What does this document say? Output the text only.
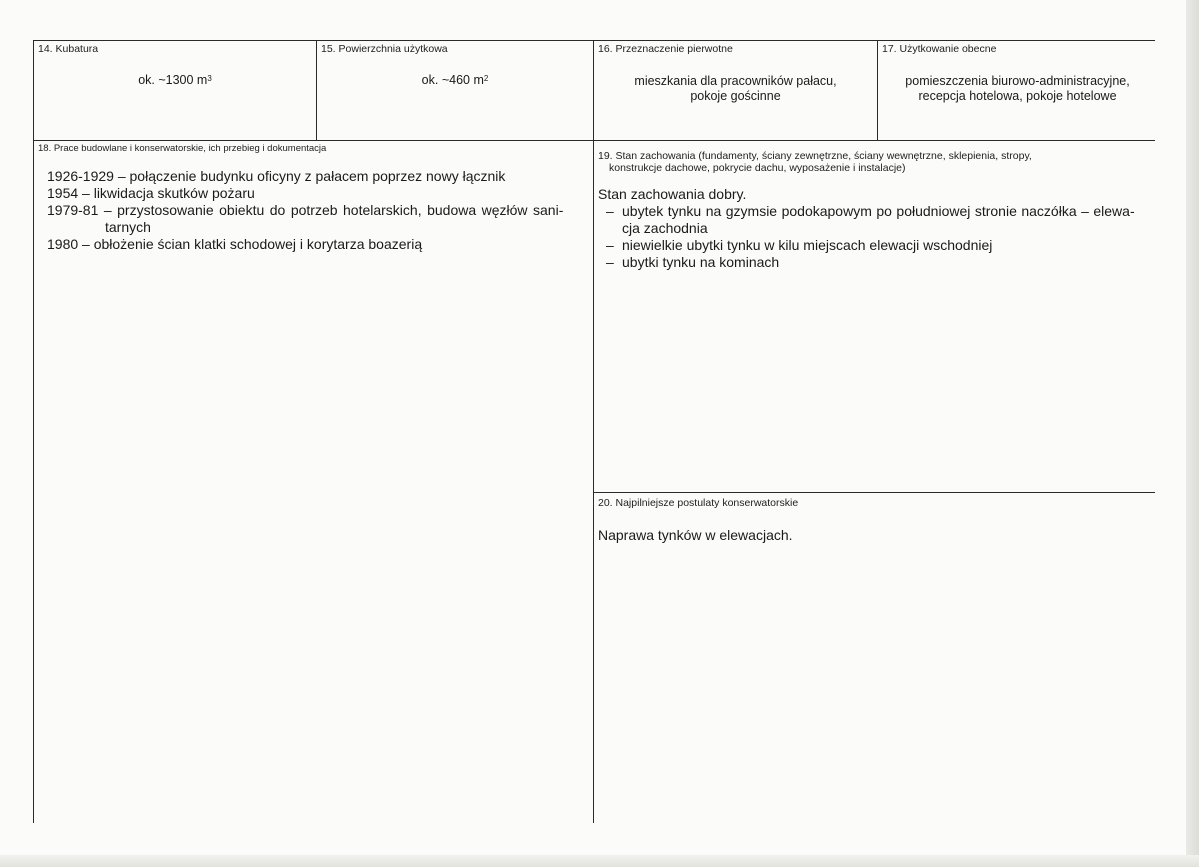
14. Kubatura
ok. ~1300 $m^3$
15. Powierzchnia użytkowa
ok. ~460 $m^2$
16. Przeznaczenie pierwotne
mieszkania dla pracowników pałacu,
pokoje gościnne
17. Użytkowanie obecne
pomieszczenia biurowo-administracyjne,
recepcja hotelowa, pokoje hotelowe
18. Prace budowlane i konserwatorskie, ich przebieg i dokumentacja
1926-1929 – połączenie budynku oficyny z pałacem poprzez nowy łącznik
1954 – likwidacja skutków pożaru
1979-81 – przystosowanie obiektu do potrzeb hotelarskich, budowa węzłów sani-
tarnych
1980 – obłożenie ścian klatki schodowej i korytarza boazerią
19. Stan zachowania (fundamenty, ściany zewnętrzne, ściany wewnętrzne, sklepienia, stropy,
konstrukcje dachowe, pokrycie dachu, wyposażenie i instalacje)
Stan zachowania dobry.
– ubytek tynku na gzymsie podokapowym po południowej stronie naczółka – elewa-
cja zachodnia
– niewielkie ubytki tynku w kilu miejscach elewacji wschodniej
– ubytki tynku na kominach
20. Najpilniejsze postulaty konserwatorskie
Naprawa tynków w elewacjach.
